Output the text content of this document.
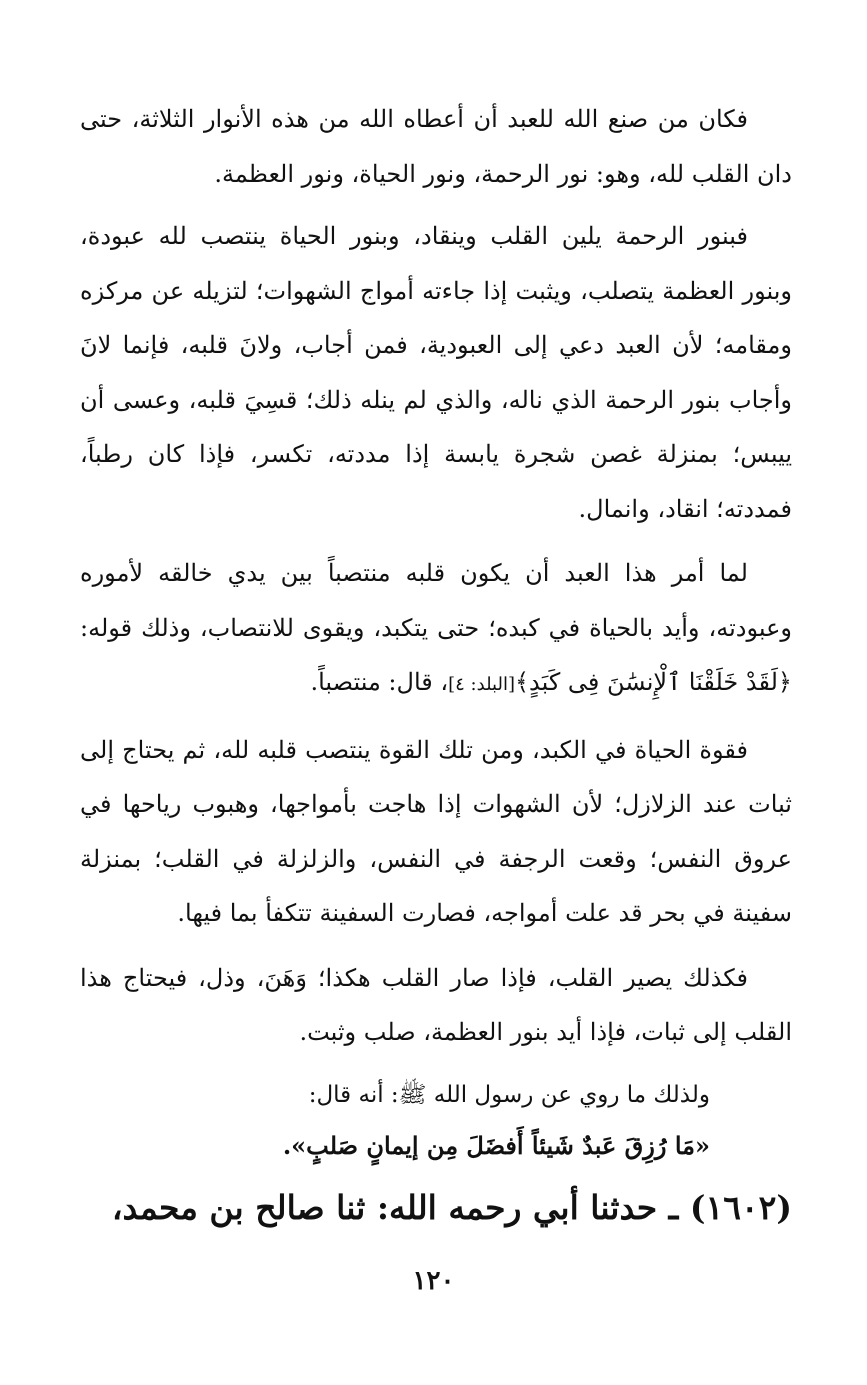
فكان من صنع الله للعبد أن أعطاه الله من هذه الأنوار الثلاثة، حتى دان القلب لله، وهو: نور الرحمة، ونور الحياة، ونور العظمة.

فبنور الرحمة يلين القلب وينقاد، وبنور الحياة ينتصب لله عبودة، وبنور العظمة يتصلب، ويثبت إذا جاءته أمواج الشهوات؛ لتزيله عن مركزه ومقامه؛ لأن العبد دعي إلى العبودية، فمن أجاب، ولانَ قلبه، فإنما لانَ وأجاب بنور الرحمة الذي ناله، والذي لم ينله ذلك؛ قسِيَ قلبه، وعسى أن ييبس؛ بمنزلة غصن شجرة يابسة إذا مددته، تكسر، فإذا كان رطباً، فمددته؛ انقاد، وانمال.

لما أمر هذا العبد أن يكون قلبه منتصباً بين يدي خالقه لأموره وعبودته، وأيد بالحياة في كبده؛ حتى يتكبد، ويقوى للانتصاب، وذلك قوله: ﴿لَقَدْ خَلَقْنَا ٱلْإِنسَٰنَ فِى كَبَدٍ﴾[البلد: ٤]، قال: منتصباً.

فقوة الحياة في الكبد، ومن تلك القوة ينتصب قلبه لله، ثم يحتاج إلى ثبات عند الزلازل؛ لأن الشهوات إذا هاجت بأمواجها، وهبوب رياحها في عروق النفس؛ وقعت الرجفة في النفس، والزلزلة في القلب؛ بمنزلة سفينة في بحر قد علت أمواجه، فصارت السفينة تتكفأ بما فيها.

فكذلك يصير القلب، فإذا صار القلب هكذا؛ وَهَنَ، وذل، فيحتاج هذا القلب إلى ثبات، فإذا أيد بنور العظمة، صلب وثبت.

ولذلك ما روي عن رسول الله ﷺ: أنه قال:

«مَا رُزِقَ عَبدٌ شَيئاً أَفضَلَ مِن إيمانٍ صَلبٍ».

(١٦٠٢) ـ حدثنا أبي رحمه الله: ثنا صالح بن محمد،

١٢٠
